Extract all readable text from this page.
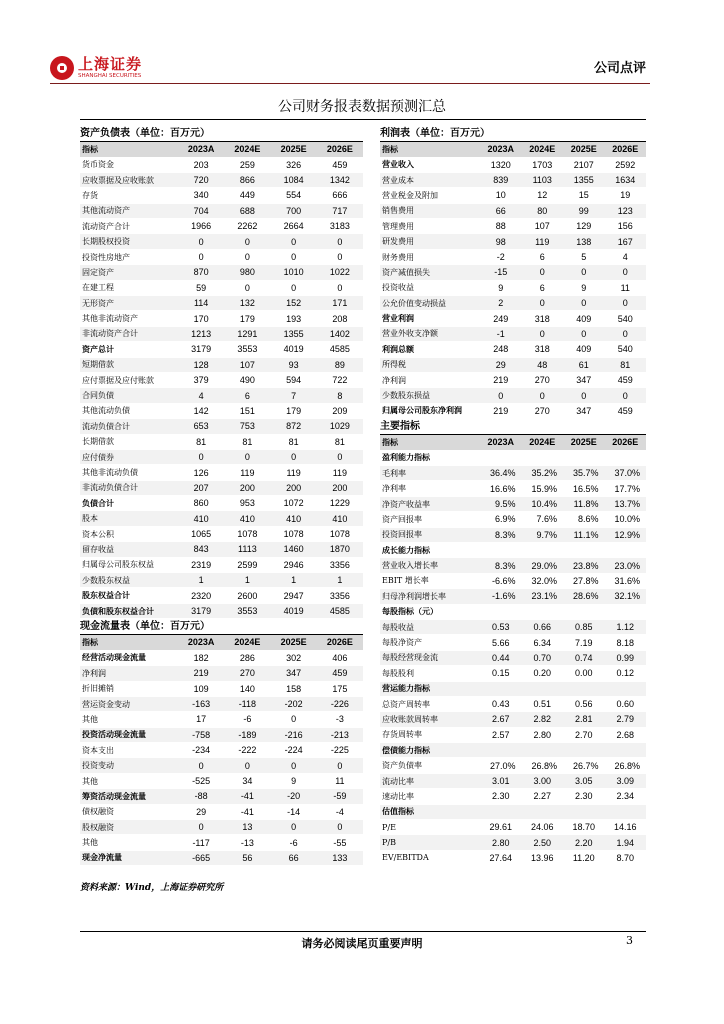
上海证券
SHANGHAI SECURITIES	公司点评
公司财务报表数据预测汇总
资产负债表（单位：百万元）
指标	2023A	2024E	2025E	2026E
货币资金	203	259	326	459
应收票据及应收账款	720	866	1084	1342
存货	340	449	554	666
其他流动资产	704	688	700	717
流动资产合计	1966	2262	2664	3183
长期股权投资	0	0	0	0
投资性房地产	0	0	0	0
固定资产	870	980	1010	1022
在建工程	59	0	0	0
无形资产	114	132	152	171
其他非流动资产	170	179	193	208
非流动资产合计	1213	1291	1355	1402
资产总计	3179	3553	4019	4585
短期借款	128	107	93	89
应付票据及应付账款	379	490	594	722
合同负债	4	6	7	8
其他流动负债	142	151	179	209
流动负债合计	653	753	872	1029
长期借款	81	81	81	81
应付债券	0	0	0	0
其他非流动负债	126	119	119	119
非流动负债合计	207	200	200	200
负债合计	860	953	1072	1229
股本	410	410	410	410
资本公积	1065	1078	1078	1078
留存收益	843	1113	1460	1870
归属母公司股东权益	2319	2599	2946	3356
少数股东权益	1	1	1	1
股东权益合计	2320	2600	2947	3356
负债和股东权益合计	3179	3553	4019	4585
现金流量表（单位：百万元）
指标	2023A	2024E	2025E	2026E
经营活动现金流量	182	286	302	406
净利润	219	270	347	459
折旧摊销	109	140	158	175
营运资金变动	-163	-118	-202	-226
其他	17	-6	0	-3
投资活动现金流量	-758	-189	-216	-213
资本支出	-234	-222	-224	-225
投资变动	0	0	0	0
其他	-525	34	9	11
筹资活动现金流量	-88	-41	-20	-59
债权融资	29	-41	-14	-4
股权融资	0	13	0	0
其他	-117	-13	-6	-55
现金净流量	-665	56	66	133
利润表（单位：百万元）
指标	2023A	2024E	2025E	2026E
营业收入	1320	1703	2107	2592
营业成本	839	1103	1355	1634
营业税金及附加	10	12	15	19
销售费用	66	80	99	123
管理费用	88	107	129	156
研发费用	98	119	138	167
财务费用	-2	6	5	4
资产减值损失	-15	0	0	0
投资收益	9	6	9	11
公允价值变动损益	2	0	0	0
营业利润	249	318	409	540
营业外收支净额	-1	0	0	0
利润总额	248	318	409	540
所得税	29	48	61	81
净利润	219	270	347	459
少数股东损益	0	0	0	0
归属母公司股东净利润	219	270	347	459
主要指标
指标	2023A	2024E	2025E	2026E
盈利能力指标				
毛利率	36.4%	35.2%	35.7%	37.0%
净利率	16.6%	15.9%	16.5%	17.7%
净资产收益率	9.5%	10.4%	11.8%	13.7%
资产回报率	6.9%	7.6%	8.6%	10.0%
投资回报率	8.3%	9.7%	11.1%	12.9%
成长能力指标				
营业收入增长率	8.3%	29.0%	23.8%	23.0%
EBIT 增长率	-6.6%	32.0%	27.8%	31.6%
归母净利润增长率	-1.6%	23.1%	28.6%	32.1%
每股指标（元）				
每股收益	0.53	0.66	0.85	1.12
每股净资产	5.66	6.34	7.19	8.18
每股经营现金流	0.44	0.70	0.74	0.99
每股股利	0.15	0.20	0.00	0.12
营运能力指标				
总资产周转率	0.43	0.51	0.56	0.60
应收账款周转率	2.67	2.82	2.81	2.79
存货周转率	2.57	2.80	2.70	2.68
偿债能力指标				
资产负债率	27.0%	26.8%	26.7%	26.8%
流动比率	3.01	3.00	3.05	3.09
速动比率	2.30	2.27	2.30	2.34
估值指标				
P/E	29.61	24.06	18.70	14.16
P/B	2.80	2.50	2.20	1.94
EV/EBITDA	27.64	13.96	11.20	8.70
资料来源：Wind，上海证券研究所
请务必阅读尾页重要声明	3
